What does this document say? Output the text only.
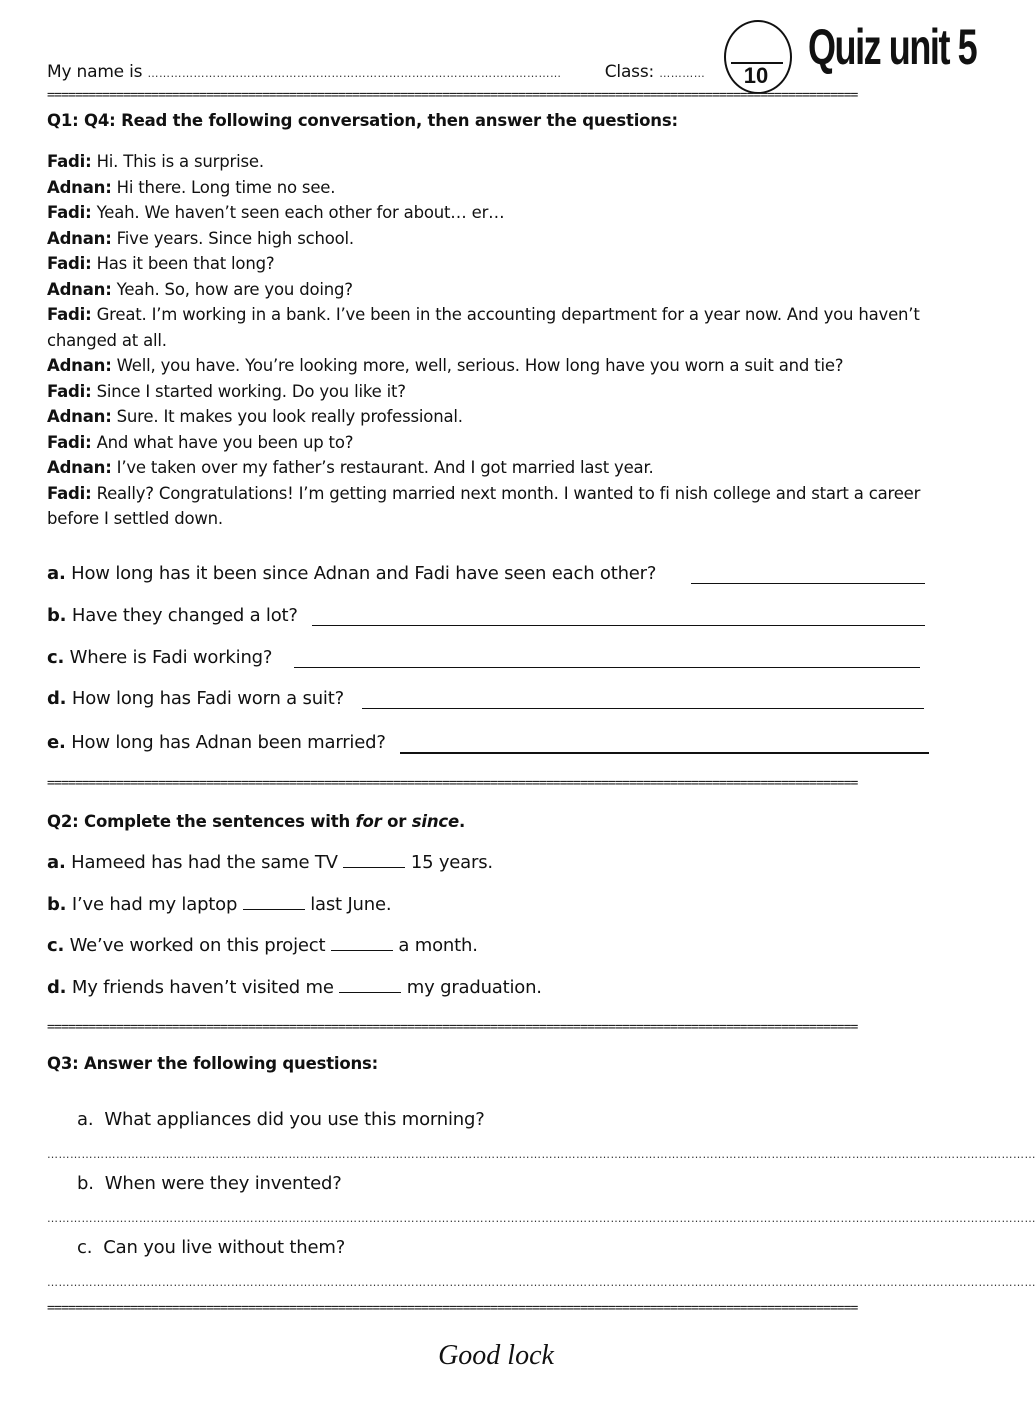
My name is ………………………………………………………………………………………………	Class: …………	10
Quiz unit 5
=====================================================================================================================
Q1: Q4: Read the following conversation, then answer the questions:
Fadi: Hi. This is a surprise.
Adnan: Hi there. Long time no see.
Fadi: Yeah. We haven’t seen each other for about… er…
Adnan: Five years. Since high school.
Fadi: Has it been that long?
Adnan: Yeah. So, how are you doing?
Fadi: Great. I’m working in a bank. I’ve been in the accounting department for a year now. And you haven’t changed at all.
Adnan: Well, you have. You’re looking more, well, serious. How long have you worn a suit and tie?
Fadi: Since I started working. Do you like it?
Adnan: Sure. It makes you look really professional.
Fadi: And what have you been up to?
Adnan: I’ve taken over my father’s restaurant. And I got married last year.
Fadi: Really? Congratulations! I’m getting married next month. I wanted to fi nish college and start a career before I settled down.
a. How long has it been since Adnan and Fadi have seen each other?
b. Have they changed a lot?
c. Where is Fadi working?
d. How long has Fadi worn a suit?
e. How long has Adnan been married?
=====================================================================================================================
Q2: Complete the sentences with for or since.
a. Hameed has had the same TV	15 years.
b. I’ve had my laptop	last June.
c. We’ve worked on this project	a month.
d. My friends haven’t visited me	my graduation.
=====================================================================================================================
Q3: Answer the following questions:
a. What appliances did you use this morning?
……………………………………………………………………………………………………………………………………………………………………………………………………………………………………
b. When were they invented?
……………………………………………………………………………………………………………………………………………………………………………………………………………………………………
c. Can you live without them?
……………………………………………………………………………………………………………………………………………………………………………………………………………………………………
=====================================================================================================================
Good lock
